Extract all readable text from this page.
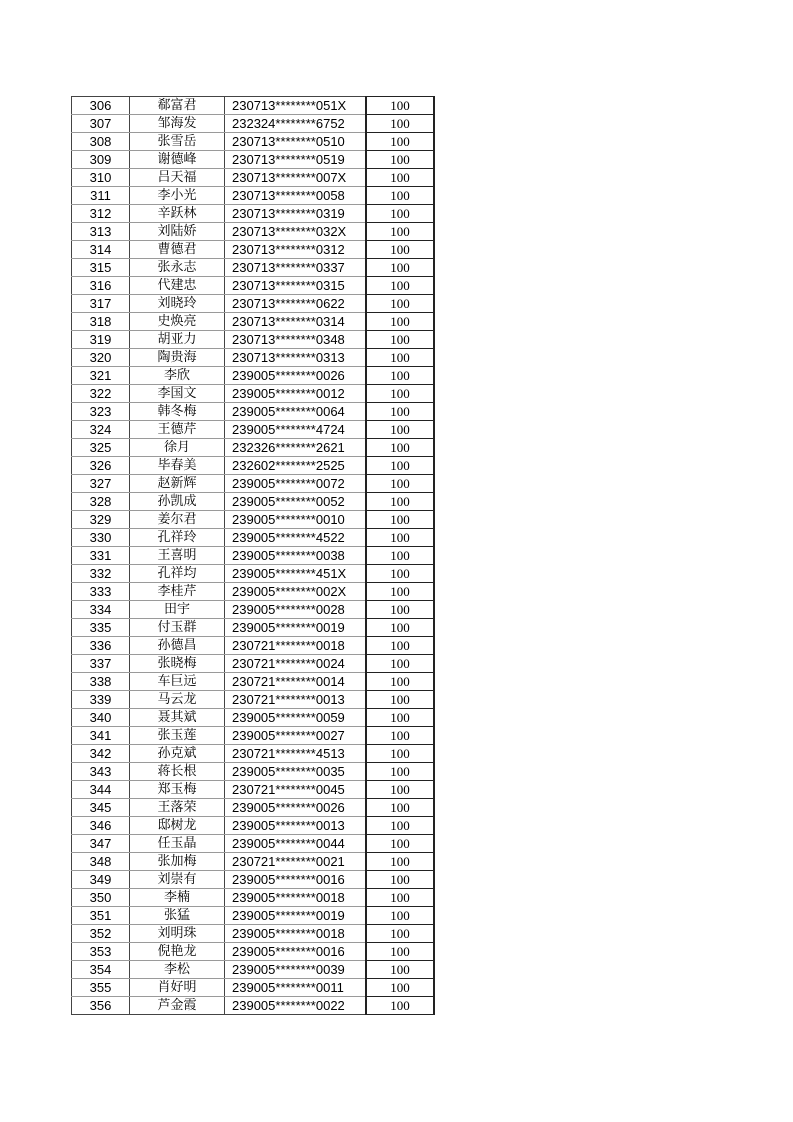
306	郗富君	230713********051X	100
307	邹海发	232324********6752	100
308	张雪岳	230713********0510	100
309	谢德峰	230713********0519	100
310	吕天福	230713********007X	100
311	李小光	230713********0058	100
312	辛跃林	230713********0319	100
313	刘陆娇	230713********032X	100
314	曹德君	230713********0312	100
315	张永志	230713********0337	100
316	代建忠	230713********0315	100
317	刘晓玲	230713********0622	100
318	史焕亮	230713********0314	100
319	胡亚力	230713********0348	100
320	陶贵海	230713********0313	100
321	李欣	239005********0026	100
322	李国文	239005********0012	100
323	韩冬梅	239005********0064	100
324	王德芹	239005********4724	100
325	徐月	232326********2621	100
326	毕春美	232602********2525	100
327	赵新辉	239005********0072	100
328	孙凯成	239005********0052	100
329	姜尔君	239005********0010	100
330	孔祥玲	239005********4522	100
331	王喜明	239005********0038	100
332	孔祥均	239005********451X	100
333	李桂芹	239005********002X	100
334	田宇	239005********0028	100
335	付玉群	239005********0019	100
336	孙德昌	230721********0018	100
337	张晓梅	230721********0024	100
338	车巨远	230721********0014	100
339	马云龙	230721********0013	100
340	聂其斌	239005********0059	100
341	张玉莲	239005********0027	100
342	孙克斌	230721********4513	100
343	蒋长根	239005********0035	100
344	郑玉梅	230721********0045	100
345	王落荣	239005********0026	100
346	邸树龙	239005********0013	100
347	任玉晶	239005********0044	100
348	张加梅	230721********0021	100
349	刘崇有	239005********0016	100
350	李楠	239005********0018	100
351	张猛	239005********0019	100
352	刘明珠	239005********0018	100
353	倪艳龙	239005********0016	100
354	李松	239005********0039	100
355	肖好明	239005********0011	100
356	芦金霞	239005********0022	100
